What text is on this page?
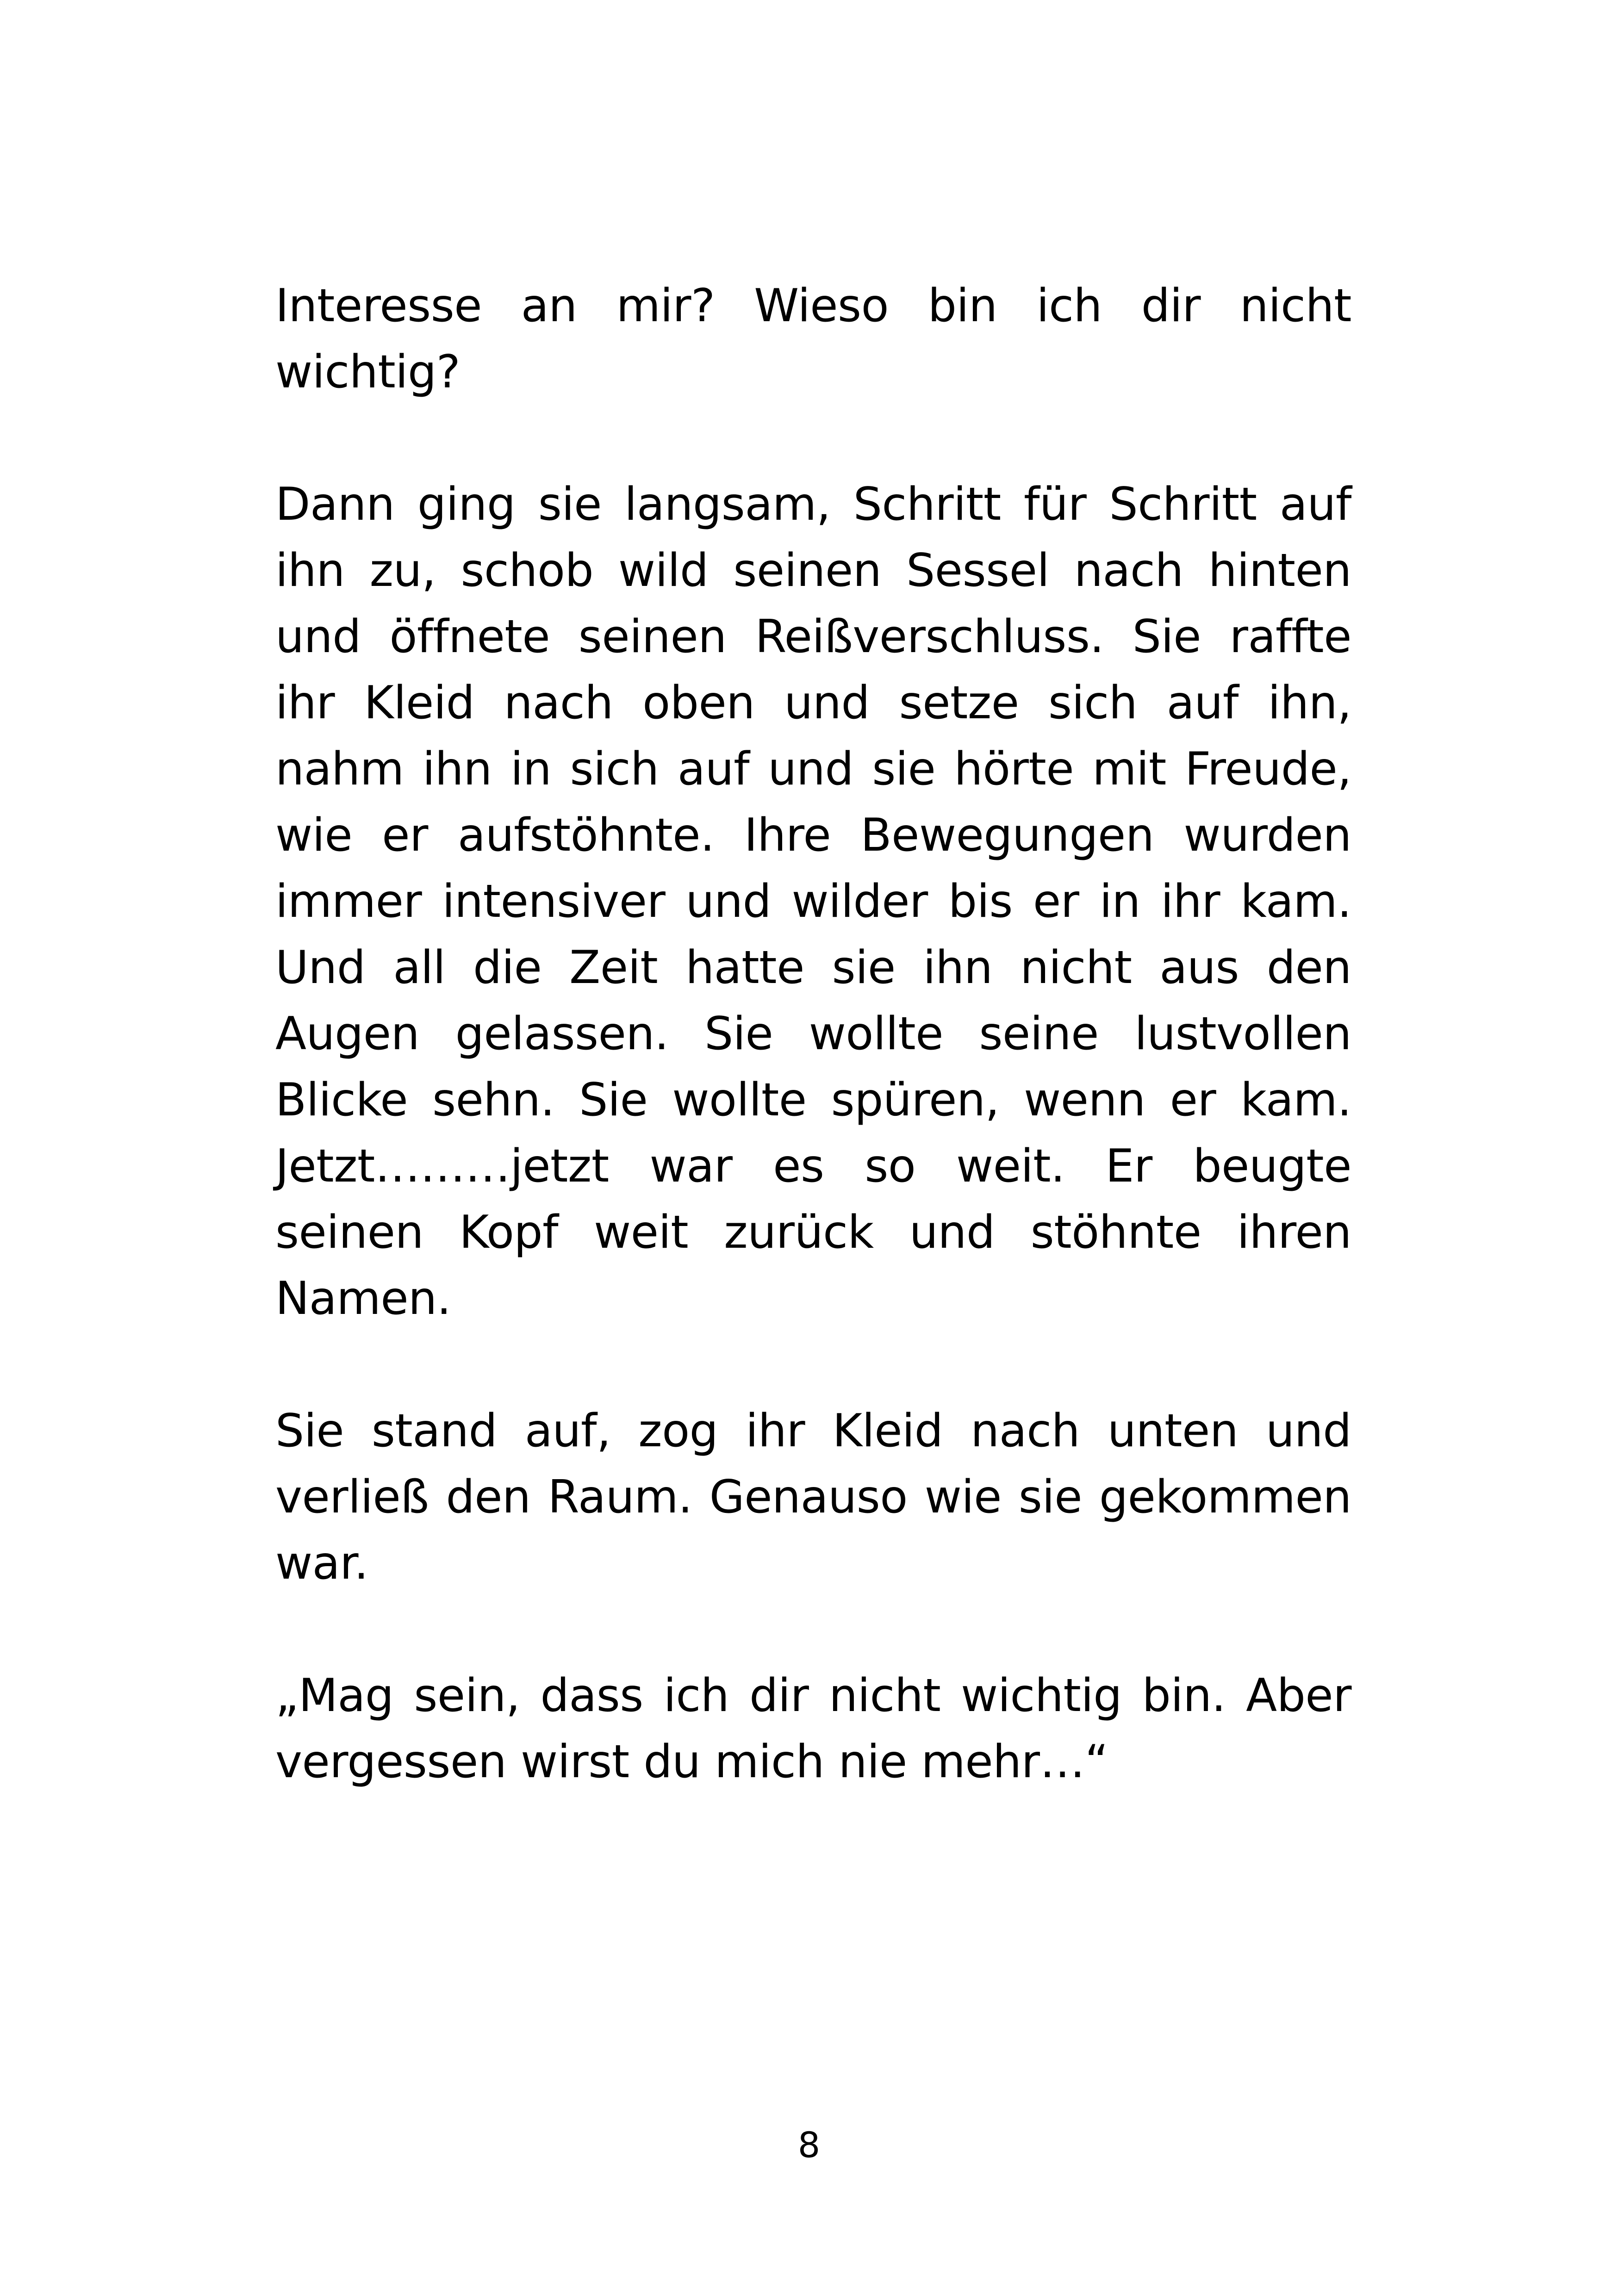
Interesse an mir? Wieso bin ich dir nicht wichtig?

Dann ging sie langsam, Schritt für Schritt auf ihn zu, schob wild seinen Sessel nach hinten und öffnete seinen Reißverschluss. Sie raffte ihr Kleid nach oben und setze sich auf ihn, nahm ihn in sich auf und sie hörte mit Freude, wie er aufstöhnte. Ihre Bewegungen wurden immer intensiver und wilder bis er in ihr kam. Und all die Zeit hatte sie ihn nicht aus den Augen gelassen. Sie wollte seine lustvollen Blicke sehn. Sie wollte spüren, wenn er kam. Jetzt………jetzt war es so weit. Er beugte seinen Kopf weit zurück und stöhnte ihren Namen.

Sie stand auf, zog ihr Kleid nach unten und verließ den Raum. Genauso wie sie gekommen war.

„Mag sein, dass ich dir nicht wichtig bin. Aber vergessen wirst du mich nie mehr…“

8
